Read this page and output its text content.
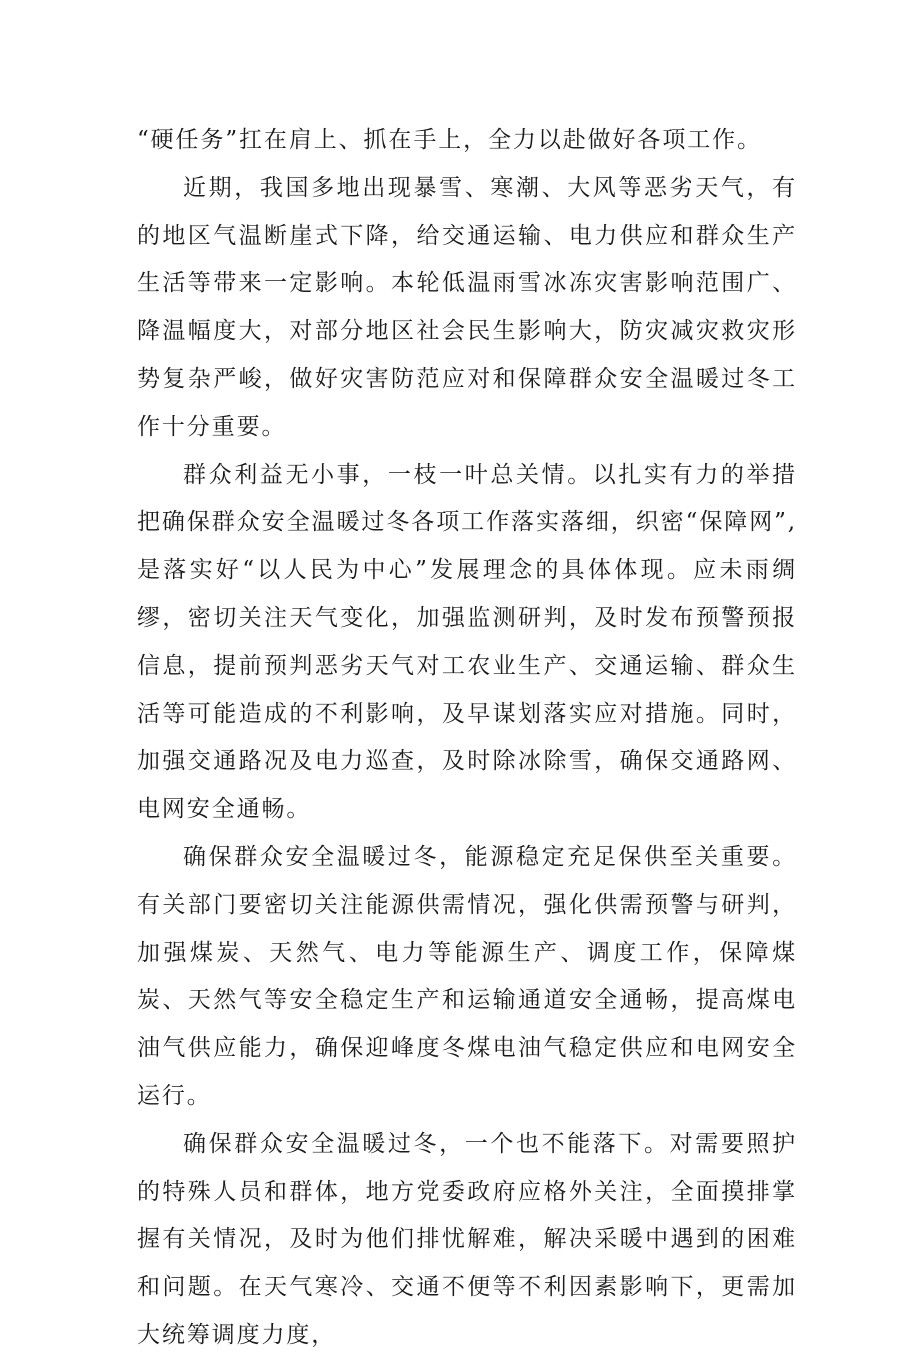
“硬任务”扛在肩上、抓在手上，全力以赴做好各项工作。

近期，我国多地出现暴雪、寒潮、大风等恶劣天气，有的地区气温断崖式下降，给交通运输、电力供应和群众生产生活等带来一定影响。本轮低温雨雪冰冻灾害影响范围广、降温幅度大，对部分地区社会民生影响大，防灾减灾救灾形势复杂严峻，做好灾害防范应对和保障群众安全温暖过冬工作十分重要。

群众利益无小事，一枝一叶总关情。以扎实有力的举措把确保群众安全温暖过冬各项工作落实落细，织密“保障网”,是落实好“以人民为中心”发展理念的具体体现。应未雨绸缪，密切关注天气变化，加强监测研判，及时发布预警预报信息，提前预判恶劣天气对工农业生产、交通运输、群众生活等可能造成的不利影响，及早谋划落实应对措施。同时，加强交通路况及电力巡查，及时除冰除雪，确保交通路网、电网安全通畅。

确保群众安全温暖过冬，能源稳定充足保供至关重要。有关部门要密切关注能源供需情况，强化供需预警与研判，加强煤炭、天然气、电力等能源生产、调度工作，保障煤炭、天然气等安全稳定生产和运输通道安全通畅，提高煤电油气供应能力，确保迎峰度冬煤电油气稳定供应和电网安全运行。

确保群众安全温暖过冬，一个也不能落下。对需要照护的特殊人员和群体，地方党委政府应格外关注，全面摸排掌握有关情况，及时为他们排忧解难，解决采暖中遇到的困难和问题。在天气寒冷、交通不便等不利因素影响下，更需加大统筹调度力度，
